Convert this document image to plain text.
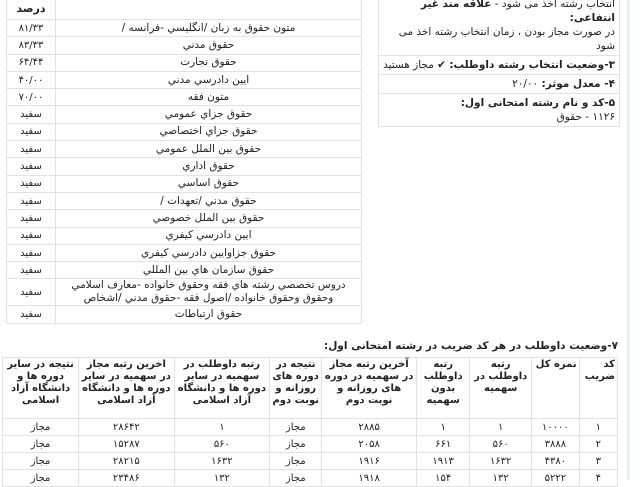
	درصد
متون حقوق به زبان /انگليسي -فرانسه /	۸۱/۳۳
حقوق مدني	۸۳/۳۳
حقوق تجارت	۶۴/۴۴
ايين دادرسي مدني	۴۰/۰۰
متون فقه	۷۰/۰۰
حقوق جزاي عمومي	سفيد
حقوق جزاي اختصاصي	سفيد
حقوق بين الملل عمومي	سفيد
حقوق اداري	سفيد
حقوق اساسي	سفيد
حقوق مدني /تعهدات /	سفيد
حقوق بين الملل خصوصي	سفيد
ايين دادرسي كيفري	سفيد
حقوق جزاوايين دادرسي كيفري	سفيد
حقوق سازمان هاي بين المللي	سفيد
دروس تخصصي رشته هاي فقه وحقوق خانواده -معارف اسلامي وحقوق وحقوق خانواده /اصول فقه -حقوق مدني /اشخاص	سفيد
حقوق ارتباطات	سفيد
انتخاب رشته اخذ می شود - علاقه مند غیر انتفاعی:
در صورت مجاز بودن ، زمان انتخاب رشته اخذ می شود
۳-وضعیت انتخاب رشته داوطلب: ✔ مجاز هستید
۴- معدل موثر: ۲۰/۰۰
۵-کد و نام رشته امتحانی اول:
۱۱۲۶ - حقوق
۷-وضعیت داوطلب در هر کد ضریب در رشته امتحانی اول:
کد ضریب	نمره کل	رتبه داوطلب در سهمیه	رتبه داوطلب بدون سهمیه	آخرین رتبه مجاز در سهمیه در دوره های روزانه و نوبت دوم	نتیجه در دوره های روزانه و نوبت دوم	رتبه داوطلب در سهمیه در سایر دوره ها و دانشگاه آزاد اسلامی	اخرین رتبه مجاز در سهمیه در سایر دوره ها و دانشگاه آزاد اسلامی	نتیجه در سایر دوره ها و دانشگاه آزاد اسلامی
۱	۱۰۰۰۰	۱	۱	۲۸۸۵	مجاز	۱	۲۸۶۴۲	مجاز
۲	۳۸۸۸	۵۶۰	۶۶۱	۲۰۵۸	مجاز	۵۶۰	۱۵۲۸۷	مجاز
۳	۴۳۸۰	۱۶۳۲	۱۹۱۳	۱۹۱۶	مجاز	۱۶۳۲	۲۸۲۱۵	مجاز
۴	۵۲۲۲	۱۳۲	۱۵۴	۱۹۱۸	مجاز	۱۳۲	۲۳۴۸۶	مجاز
